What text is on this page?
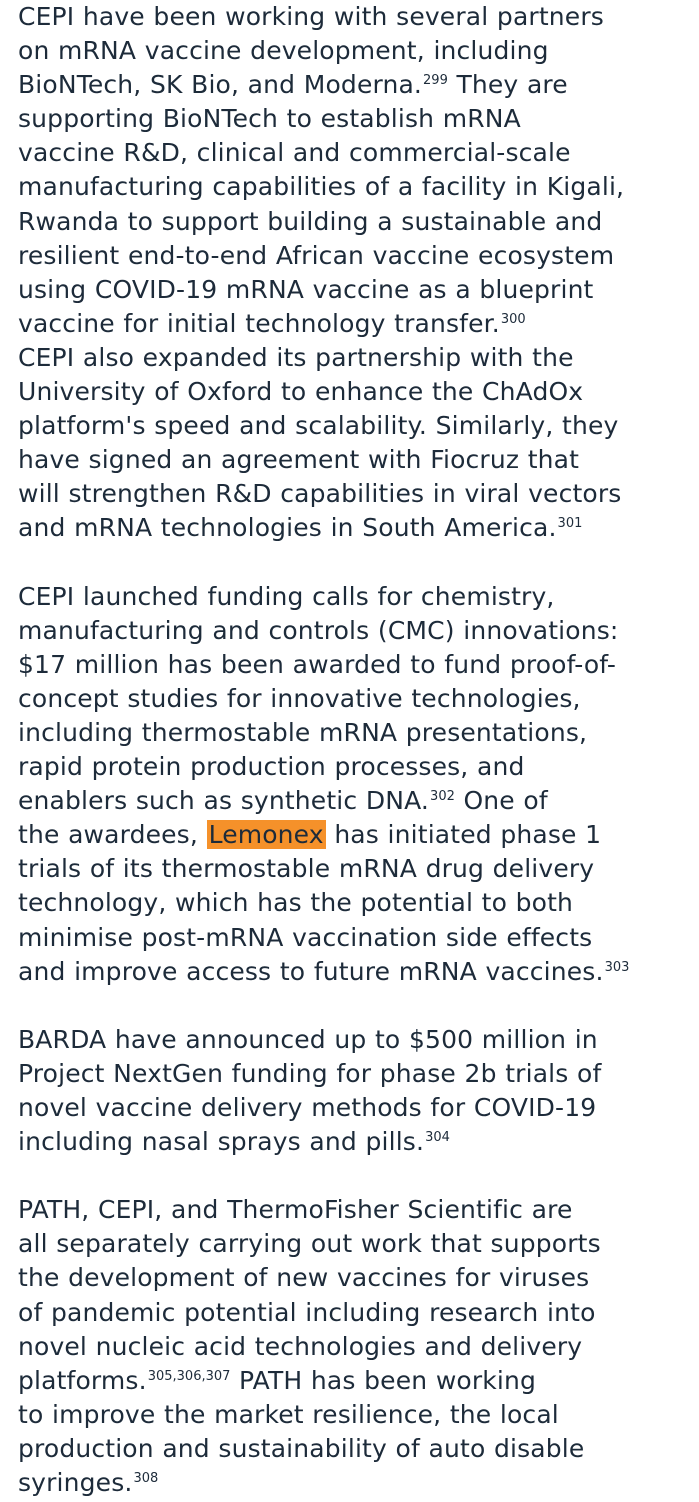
CEPI have been working with several partners
on mRNA vaccine development, including
BioNTech, SK Bio, and Moderna.$^{299}$ They are
supporting BioNTech to establish mRNA
vaccine R&D, clinical and commercial-scale
manufacturing capabilities of a facility in Kigali,
Rwanda to support building a sustainable and
resilient end-to-end African vaccine ecosystem
using COVID-19 mRNA vaccine as a blueprint
vaccine for initial technology transfer.$^{300}$
CEPI also expanded its partnership with the
University of Oxford to enhance the ChAdOx
platform's speed and scalability. Similarly, they
have signed an agreement with Fiocruz that
will strengthen R&D capabilities in viral vectors
and mRNA technologies in South America.$^{301}$
CEPI launched funding calls for chemistry,
manufacturing and controls (CMC) innovations:
$17 million has been awarded to fund proof-of-
concept studies for innovative technologies,
including thermostable mRNA presentations,
rapid protein production processes, and
enablers such as synthetic DNA.$^{302}$ One of
the awardees, Lemonex has initiated phase 1
trials of its thermostable mRNA drug delivery
technology, which has the potential to both
minimise post-mRNA vaccination side effects
and improve access to future mRNA vaccines.$^{303}$
BARDA have announced up to $500 million in
Project NextGen funding for phase 2b trials of
novel vaccine delivery methods for COVID-19
including nasal sprays and pills.$^{304}$
PATH, CEPI, and ThermoFisher Scientific are
all separately carrying out work that supports
the development of new vaccines for viruses
of pandemic potential including research into
novel nucleic acid technologies and delivery
platforms.$^{305,306,307}$ PATH has been working
to improve the market resilience, the local
production and sustainability of auto disable
syringes.$^{308}$
